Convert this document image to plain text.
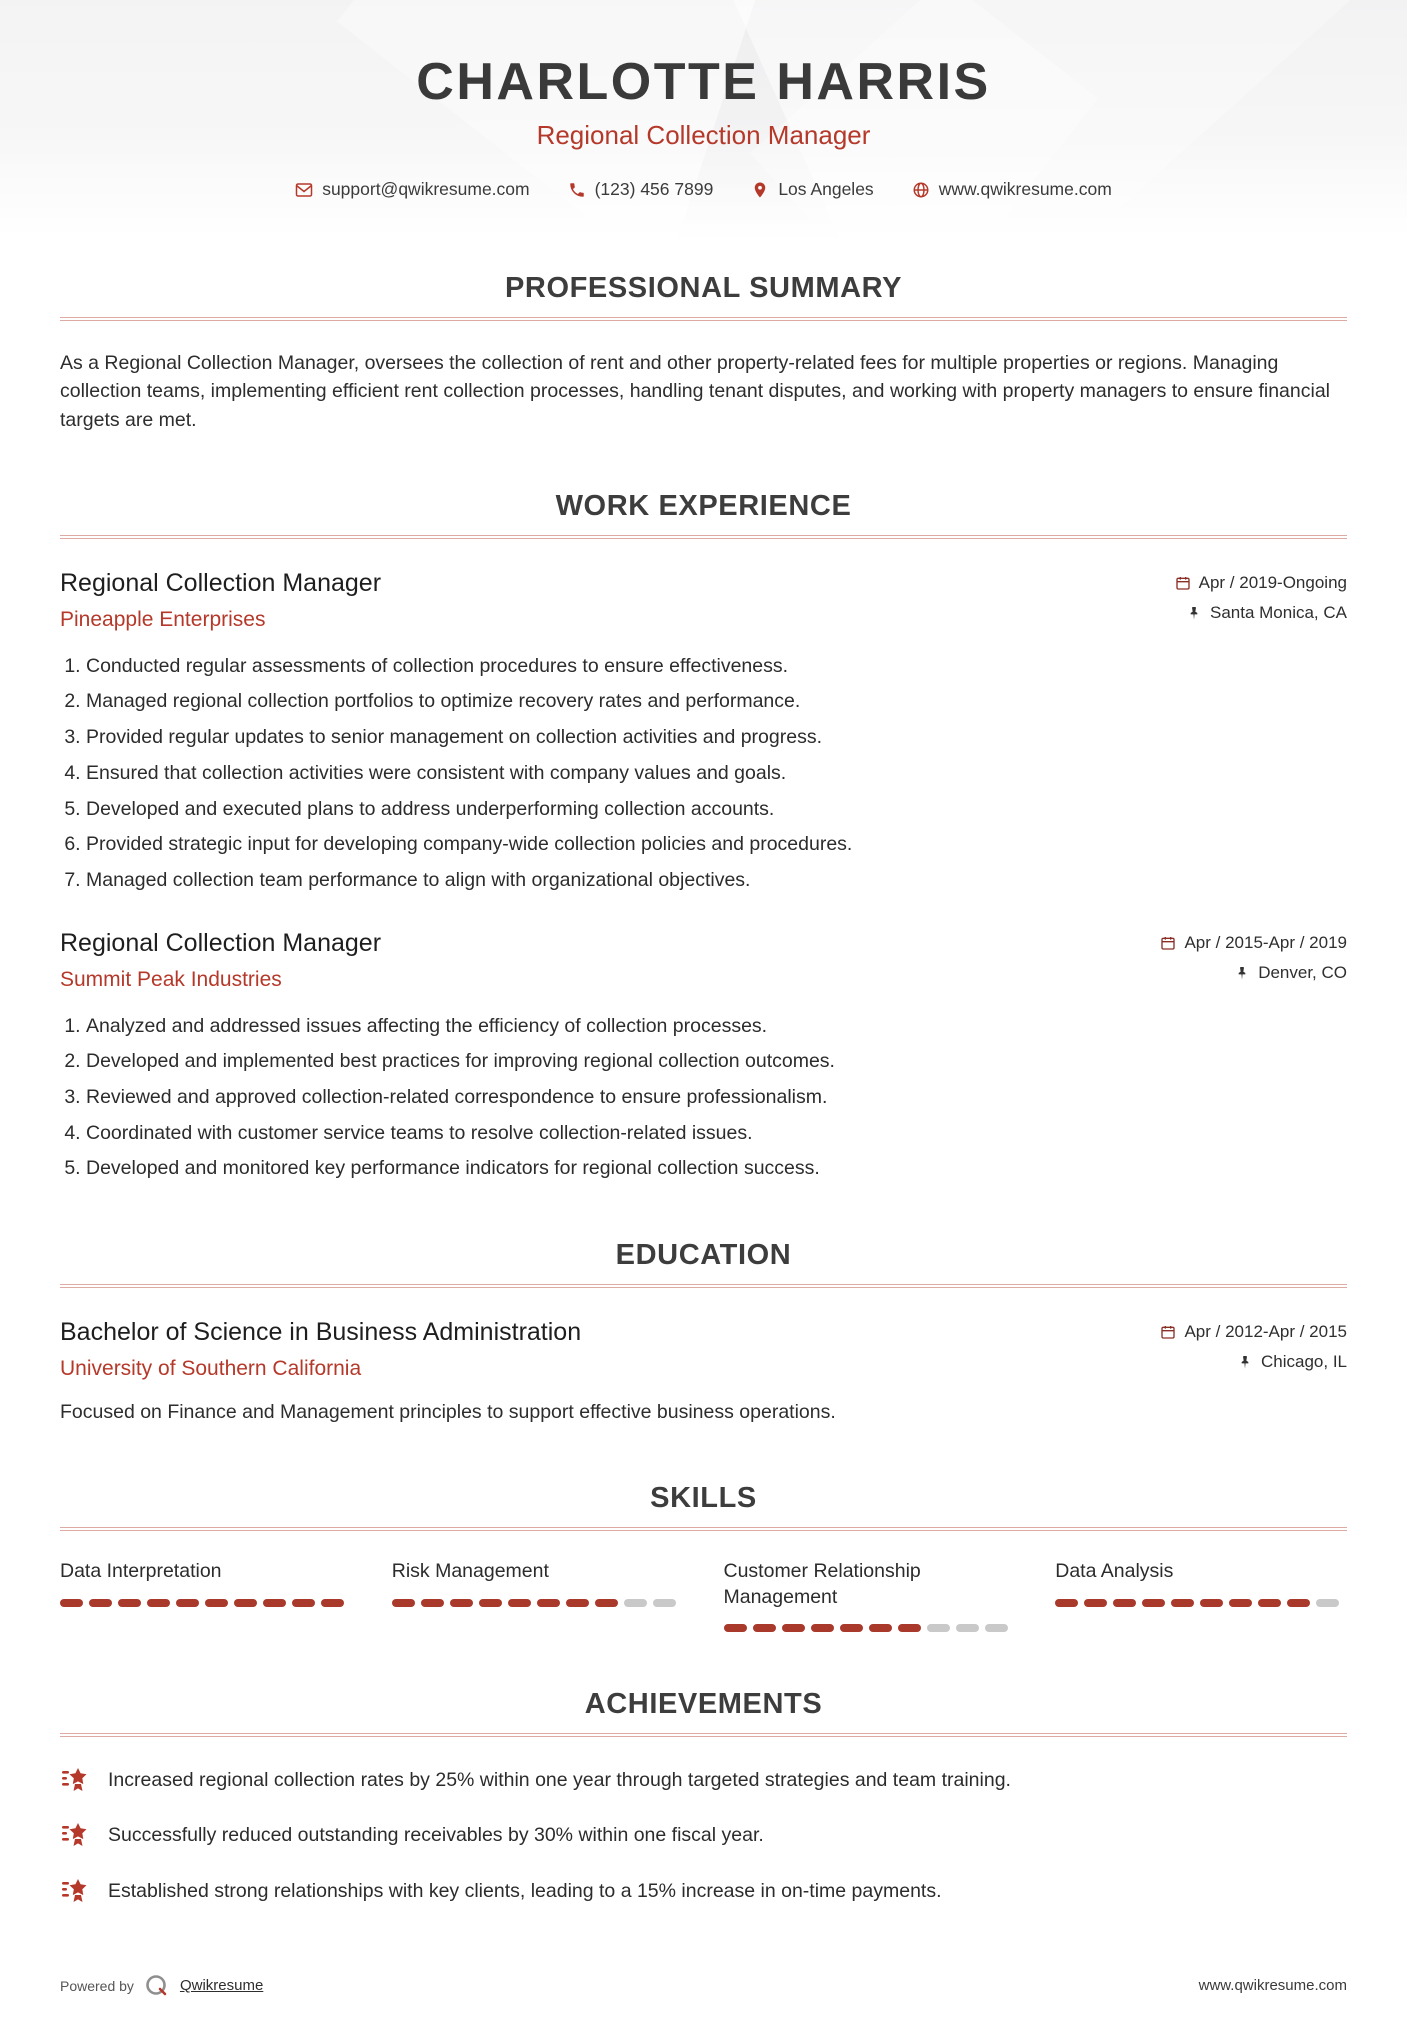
CHARLOTTE HARRIS
Regional Collection Manager
support@qwikresume.com	(123) 456 7899	Los Angeles	www.qwikresume.com
PROFESSIONAL SUMMARY

As a Regional Collection Manager, oversees the collection of rent and other property-related fees for multiple properties or regions. Managing collection teams, implementing efficient rent collection processes, handling tenant disputes, and working with property managers to ensure financial targets are met.

WORK EXPERIENCE
Regional Collection Manager
Pineapple Enterprises
Apr / 2019-Ongoing
Santa Monica, CA
1. Conducted regular assessments of collection procedures to ensure effectiveness.
2. Managed regional collection portfolios to optimize recovery rates and performance.
3. Provided regular updates to senior management on collection activities and progress.
4. Ensured that collection activities were consistent with company values and goals.
5. Developed and executed plans to address underperforming collection accounts.
6. Provided strategic input for developing company-wide collection policies and procedures.
7. Managed collection team performance to align with organizational objectives.
Regional Collection Manager
Summit Peak Industries
Apr / 2015-Apr / 2019
Denver, CO
1. Analyzed and addressed issues affecting the efficiency of collection processes.
2. Developed and implemented best practices for improving regional collection outcomes.
3. Reviewed and approved collection-related correspondence to ensure professionalism.
4. Coordinated with customer service teams to resolve collection-related issues.
5. Developed and monitored key performance indicators for regional collection success.
EDUCATION
Bachelor of Science in Business Administration
University of Southern California
Apr / 2012-Apr / 2015
Chicago, IL

Focused on Finance and Management principles to support effective business operations.

SKILLS
Data Interpretation	Risk Management	Customer Relationship Management
Data Analysis
ACHIEVEMENTS
Increased regional collection rates by 25% within one year through targeted strategies and team training.
Successfully reduced outstanding receivables by 30% within one fiscal year.
Established strong relationships with key clients, leading to a 15% increase in on-time payments.
Powered by	Qwikresume	www.qwikresume.com
